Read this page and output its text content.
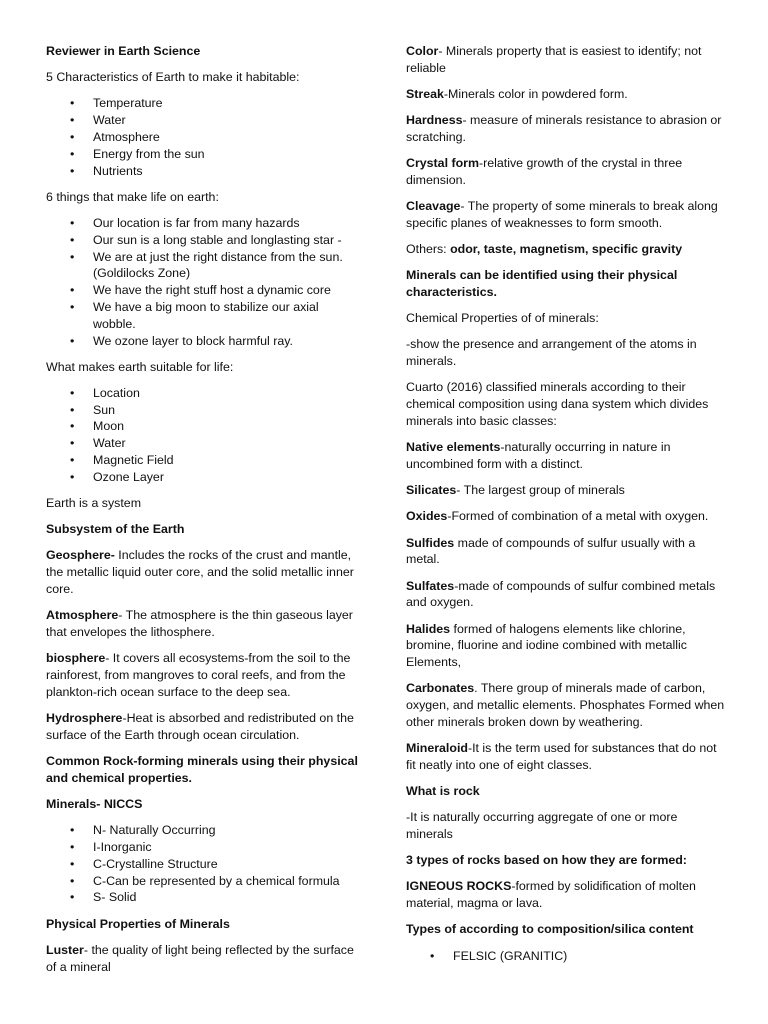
Reviewer in Earth Science

5 Characteristics of Earth to make it habitable:

• Temperature
• Water
• Atmosphere
• Energy from the sun
• Nutrients

6 things that make life on earth:

• Our location is far from many hazards
• Our sun is a long stable and longlasting star -
• We are at just the right distance from the sun. (Goldilocks Zone)
• We have the right stuff host a dynamic core
• We have a big moon to stabilize our axial wobble.
• We ozone layer to block harmful ray.

What makes earth suitable for life:

• Location
• Sun
• Moon
• Water
• Magnetic Field
• Ozone Layer

Earth is a system

Subsystem of the Earth

Geosphere- Includes the rocks of the crust and mantle, the metallic liquid outer core, and the solid metallic inner core.

Atmosphere- The atmosphere is the thin gaseous layer that envelopes the lithosphere.

biosphere- It covers all ecosystems-from the soil to the rainforest, from mangroves to coral reefs, and from the plankton-rich ocean surface to the deep sea.

Hydrosphere-Heat is absorbed and redistributed on the surface of the Earth through ocean circulation.

Common Rock-forming minerals using their physical and chemical properties.

Minerals- NICCS

• N- Naturally Occurring
• I-Inorganic
• C-Crystalline Structure
• C-Can be represented by a chemical formula
• S- Solid

Physical Properties of Minerals

Luster- the quality of light being reflected by the surface of a mineral

Color- Minerals property that is easiest to identify; not reliable

Streak-Minerals color in powdered form.

Hardness- measure of minerals resistance to abrasion or scratching.

Crystal form-relative growth of the crystal in three dimension.

Cleavage- The property of some minerals to break along specific planes of weaknesses to form smooth.

Others: odor, taste, magnetism, specific gravity

Minerals can be identified using their physical characteristics.

Chemical Properties of of minerals:

-show the presence and arrangement of the atoms in minerals.

Cuarto (2016) classified minerals according to their chemical composition using dana system which divides minerals into basic classes:

Native elements-naturally occurring in nature in uncombined form with a distinct.

Silicates- The largest group of minerals

Oxides-Formed of combination of a metal with oxygen.

Sulfides made of compounds of sulfur usually with a metal.

Sulfates-made of compounds of sulfur combined metals and oxygen.

Halides formed of halogens elements like chlorine, bromine, fluorine and iodine combined with metallic Elements,

Carbonates. There group of minerals made of carbon, oxygen, and metallic elements. Phosphates Formed when other minerals broken down by weathering.

Mineraloid-It is the term used for substances that do not fit neatly into one of eight classes.

What is rock

-It is naturally occurring aggregate of one or more minerals

3 types of rocks based on how they are formed:

IGNEOUS ROCKS-formed by solidification of molten material, magma or lava.

Types of according to composition/silica content

• FELSIC (GRANITIC)
